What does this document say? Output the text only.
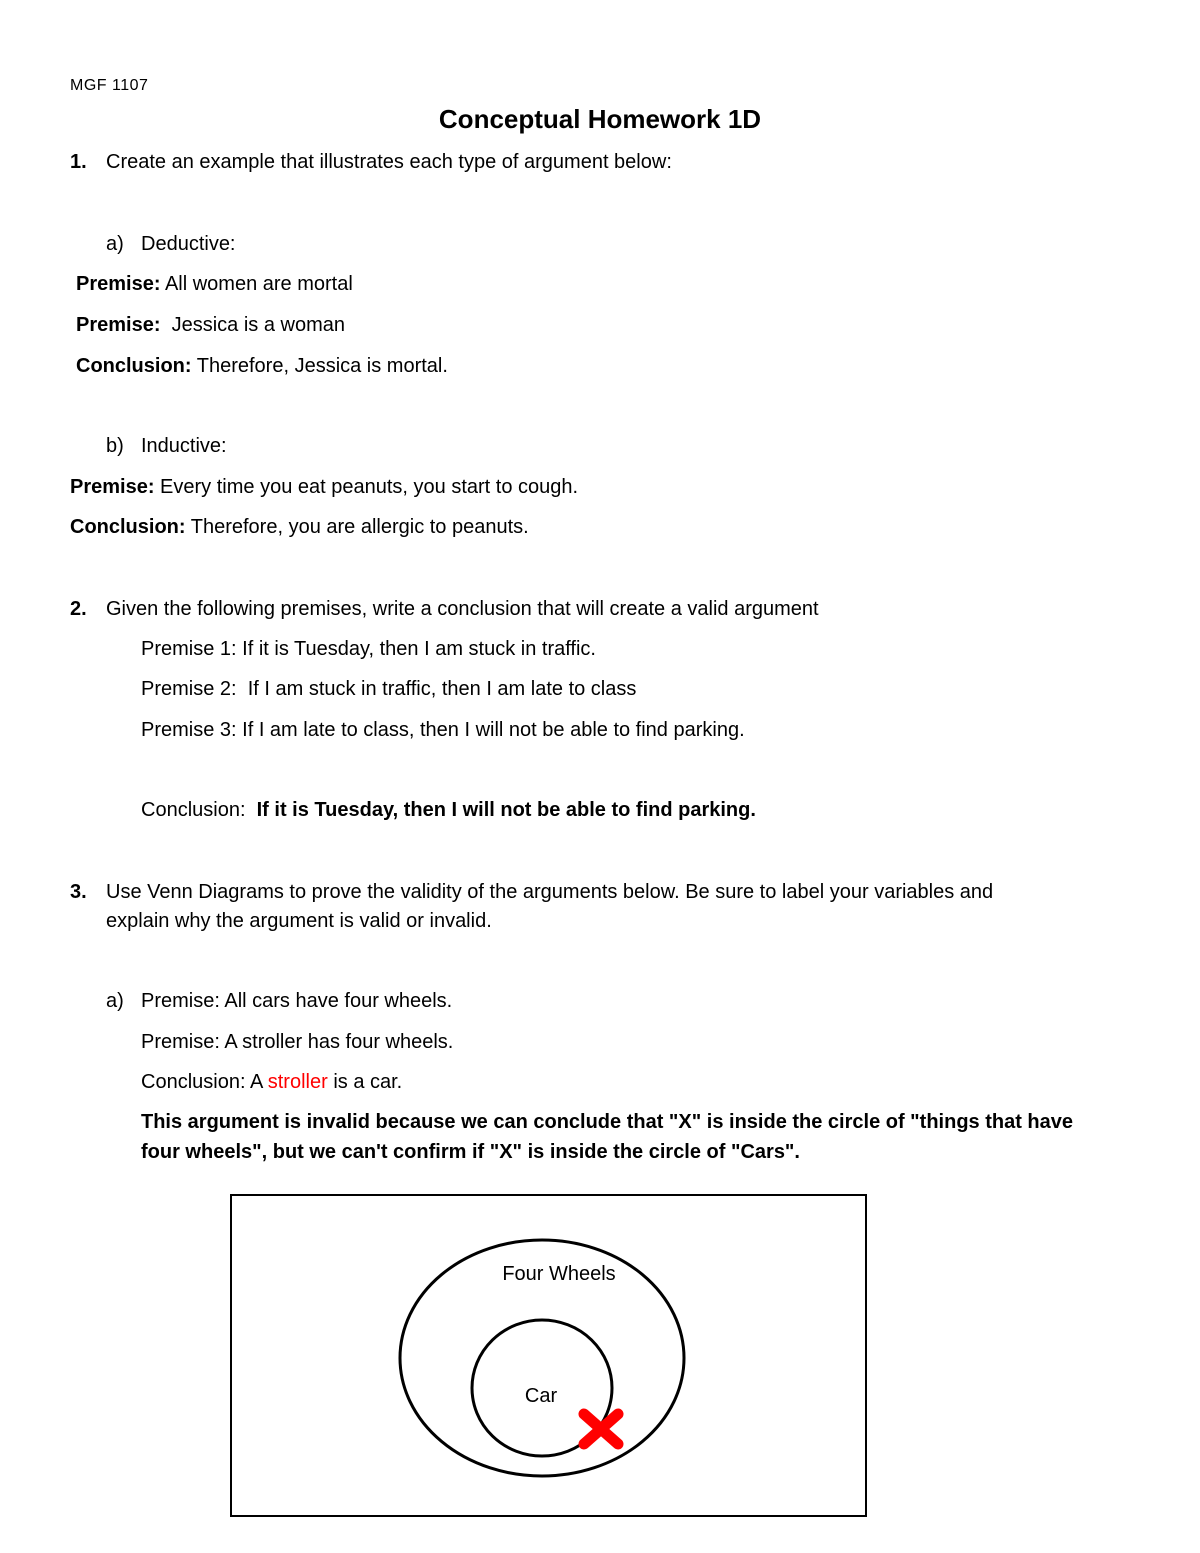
MGF 1107
Conceptual Homework 1D
1. Create an example that illustrates each type of argument below:
a) Deductive:
Premise: All women are mortal
Premise:  Jessica is a woman
Conclusion: Therefore, Jessica is mortal.
b) Inductive:
Premise: Every time you eat peanuts, you start to cough.
Conclusion: Therefore, you are allergic to peanuts.
2. Given the following premises, write a conclusion that will create a valid argument
Premise 1: If it is Tuesday, then I am stuck in traffic.
Premise 2:  If I am stuck in traffic, then I am late to class
Premise 3: If I am late to class, then I will not be able to find parking.
Conclusion:  If it is Tuesday, then I will not be able to find parking.
3. Use Venn Diagrams to prove the validity of the arguments below. Be sure to label your variables and
explain why the argument is valid or invalid.
a) Premise: All cars have four wheels.
Premise: A stroller has four wheels.
Conclusion: A stroller is a car.
This argument is invalid because we can conclude that "X" is inside the circle of "things that have
four wheels", but we can't confirm if "X" is inside the circle of "Cars".
Four Wheels
Car
